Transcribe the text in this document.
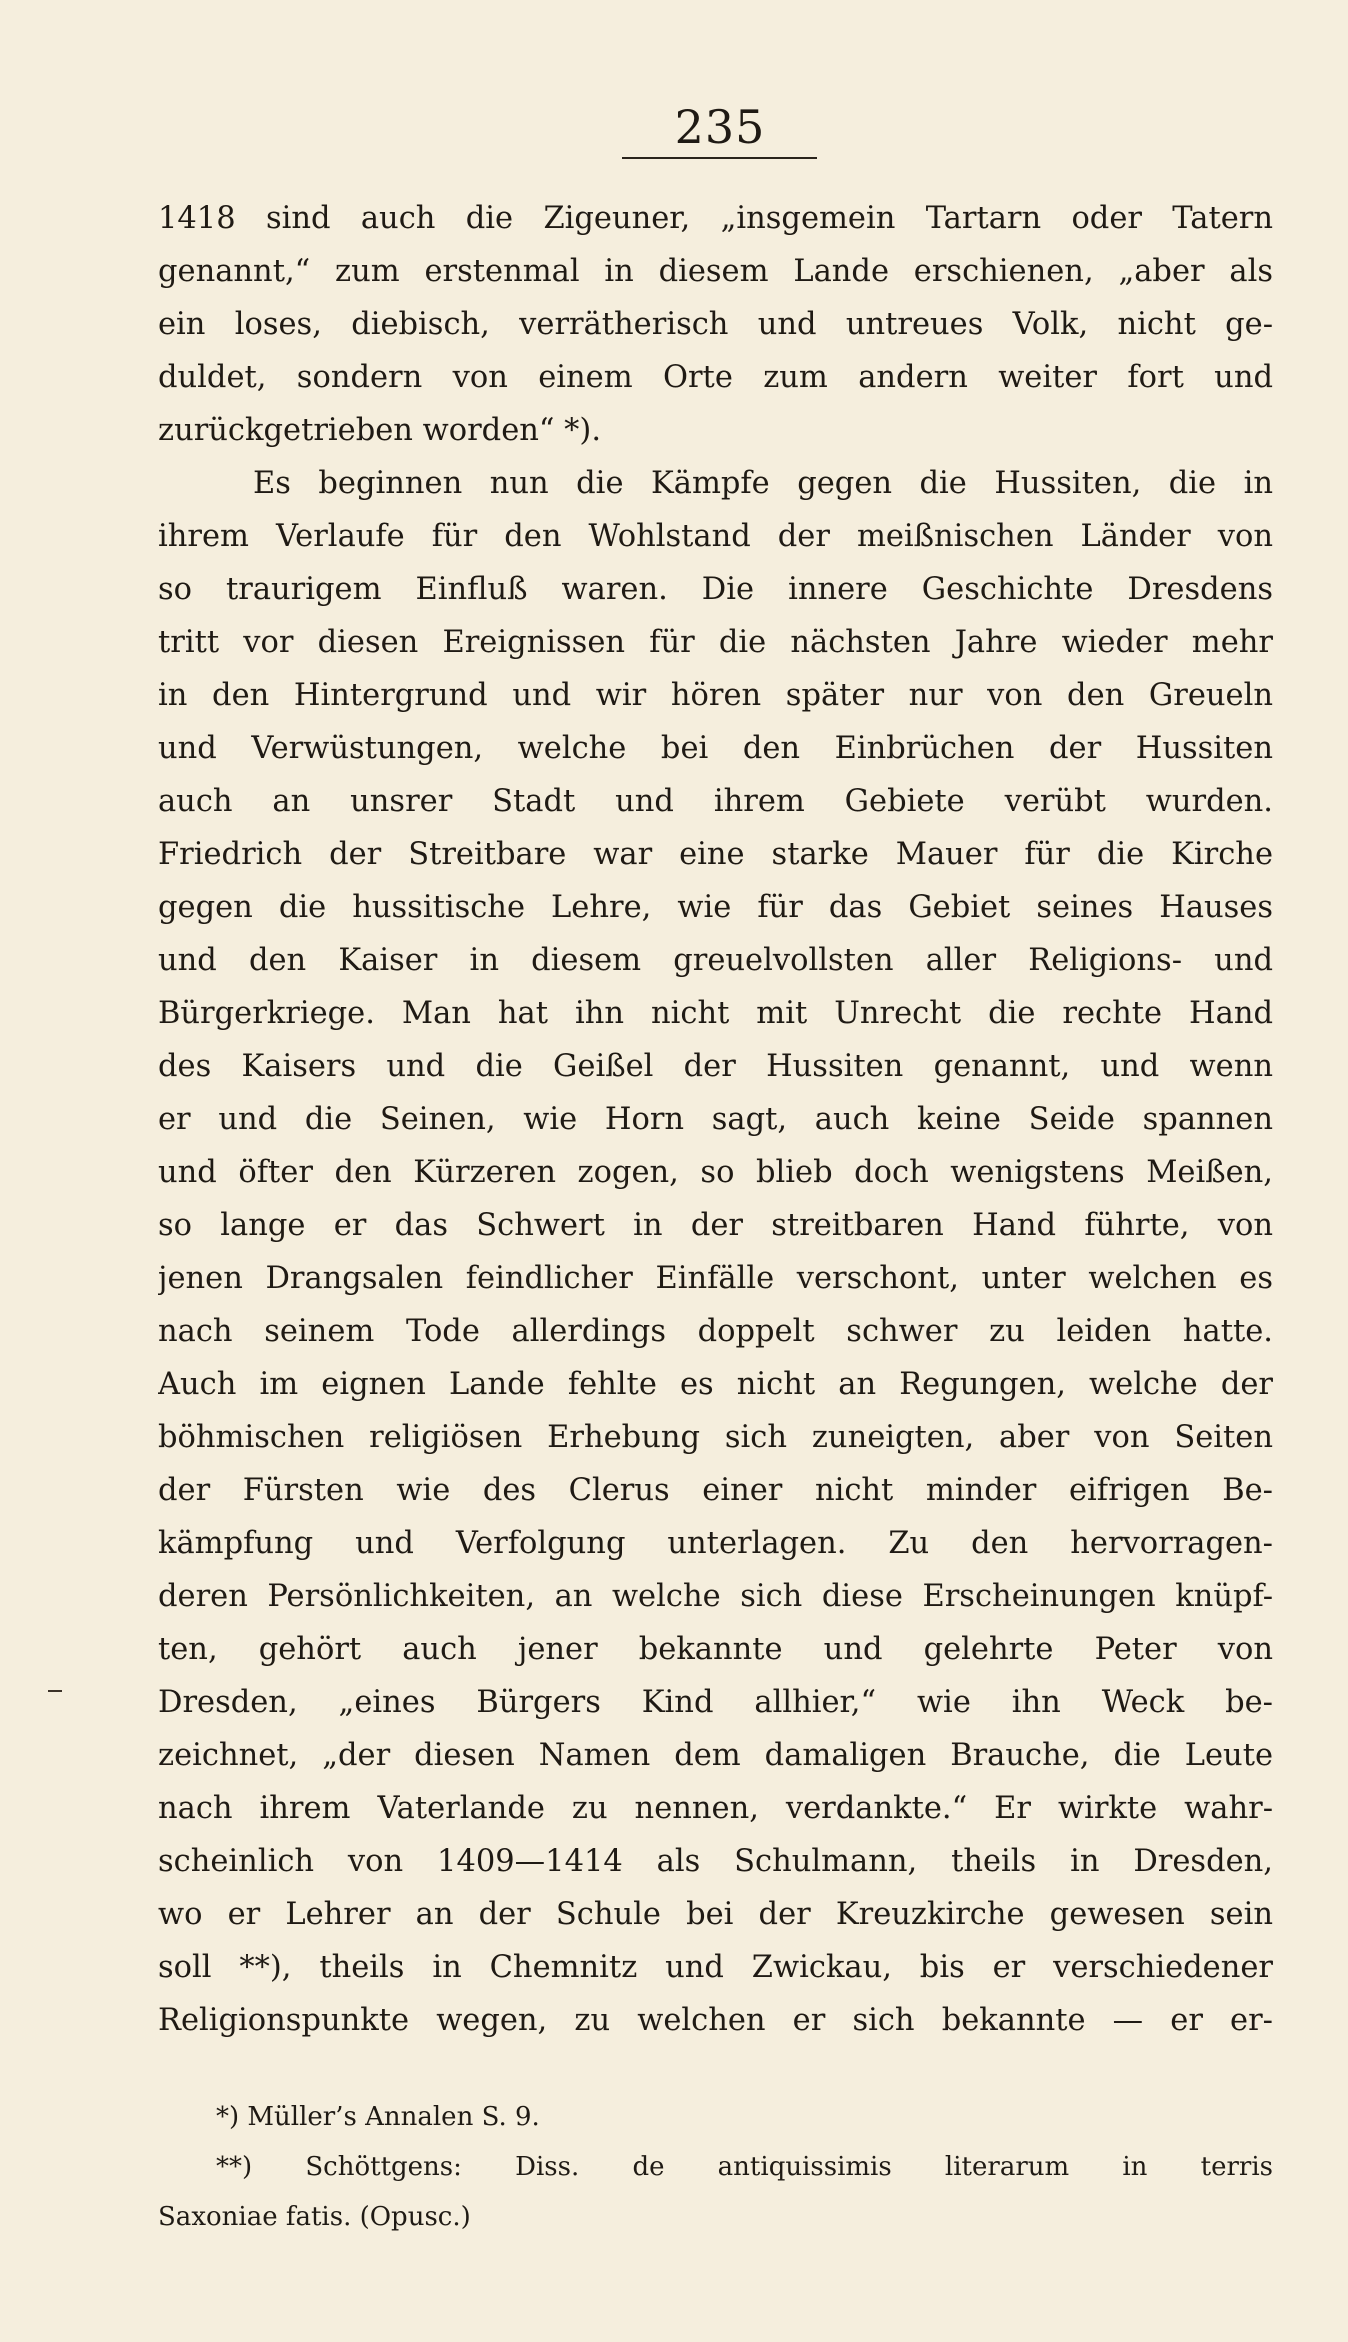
235
1418 sind auch die Zigeuner, „insgemein Tartarn oder Tatern
genannt,“ zum erstenmal in diesem Lande erschienen, „aber als
ein loses, diebisch, verrätherisch und untreues Volk, nicht ge-
duldet, sondern von einem Orte zum andern weiter fort und
zurückgetrieben worden“ *).
Es beginnen nun die Kämpfe gegen die Hussiten, die in
ihrem Verlaufe für den Wohlstand der meißnischen Länder von
so traurigem Einfluß waren. Die innere Geschichte Dresdens
tritt vor diesen Ereignissen für die nächsten Jahre wieder mehr
in den Hintergrund und wir hören später nur von den Greueln
und Verwüstungen, welche bei den Einbrüchen der Hussiten
auch an unsrer Stadt und ihrem Gebiete verübt wurden.
Friedrich der Streitbare war eine starke Mauer für die Kirche
gegen die hussitische Lehre, wie für das Gebiet seines Hauses
und den Kaiser in diesem greuelvollsten aller Religions- und
Bürgerkriege. Man hat ihn nicht mit Unrecht die rechte Hand
des Kaisers und die Geißel der Hussiten genannt, und wenn
er und die Seinen, wie Horn sagt, auch keine Seide spannen
und öfter den Kürzeren zogen, so blieb doch wenigstens Meißen,
so lange er das Schwert in der streitbaren Hand führte, von
jenen Drangsalen feindlicher Einfälle verschont, unter welchen es
nach seinem Tode allerdings doppelt schwer zu leiden hatte.
Auch im eignen Lande fehlte es nicht an Regungen, welche der
böhmischen religiösen Erhebung sich zuneigten, aber von Seiten
der Fürsten wie des Clerus einer nicht minder eifrigen Be-
kämpfung und Verfolgung unterlagen. Zu den hervorragen-
deren Persönlichkeiten, an welche sich diese Erscheinungen knüpf-
ten, gehört auch jener bekannte und gelehrte Peter von
Dresden, „eines Bürgers Kind allhier,“ wie ihn Weck be-
zeichnet, „der diesen Namen dem damaligen Brauche, die Leute
nach ihrem Vaterlande zu nennen, verdankte.“ Er wirkte wahr-
scheinlich von 1409—1414 als Schulmann, theils in Dresden,
wo er Lehrer an der Schule bei der Kreuzkirche gewesen sein
soll **), theils in Chemnitz und Zwickau, bis er verschiedener
Religionspunkte wegen, zu welchen er sich bekannte — er er-
*) Müller’s Annalen S. 9.
**) Schöttgens: Diss. de antiquissimis literarum in terris
Saxoniae fatis. (Opusc.)
